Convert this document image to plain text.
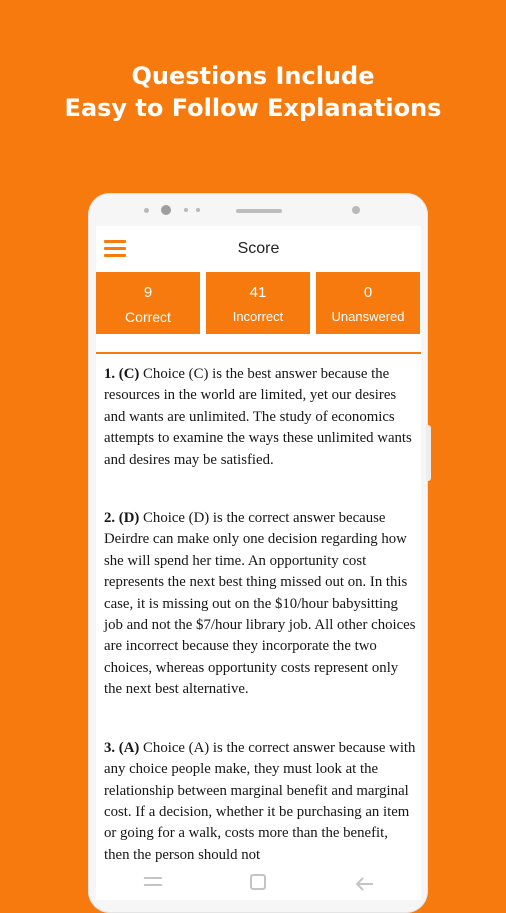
Questions Include
Easy to Follow Explanations
Score
9
Correct
41
Incorrect
0
Unanswered

1. (C) Choice (C) is the best answer because the resources in the world are limited, yet our desires and wants are unlimited. The study of economics attempts to examine the ways these unlimited wants and desires may be satisfied.

2. (D) Choice (D) is the correct answer because Deirdre can make only one decision regarding how she will spend her time. An opportunity cost represents the next best thing missed out on. In this case, it is missing out on the $10/hour babysitting job and not the $7/hour library job. All other choices are incorrect because they incorporate the two choices, whereas opportunity costs represent only the next best alternative.

3. (A) Choice (A) is the correct answer because with any choice people make, they must look at the relationship between marginal benefit and marginal cost. If a decision, whether it be purchasing an item or going for a walk, costs more than the benefit, then the person should not
